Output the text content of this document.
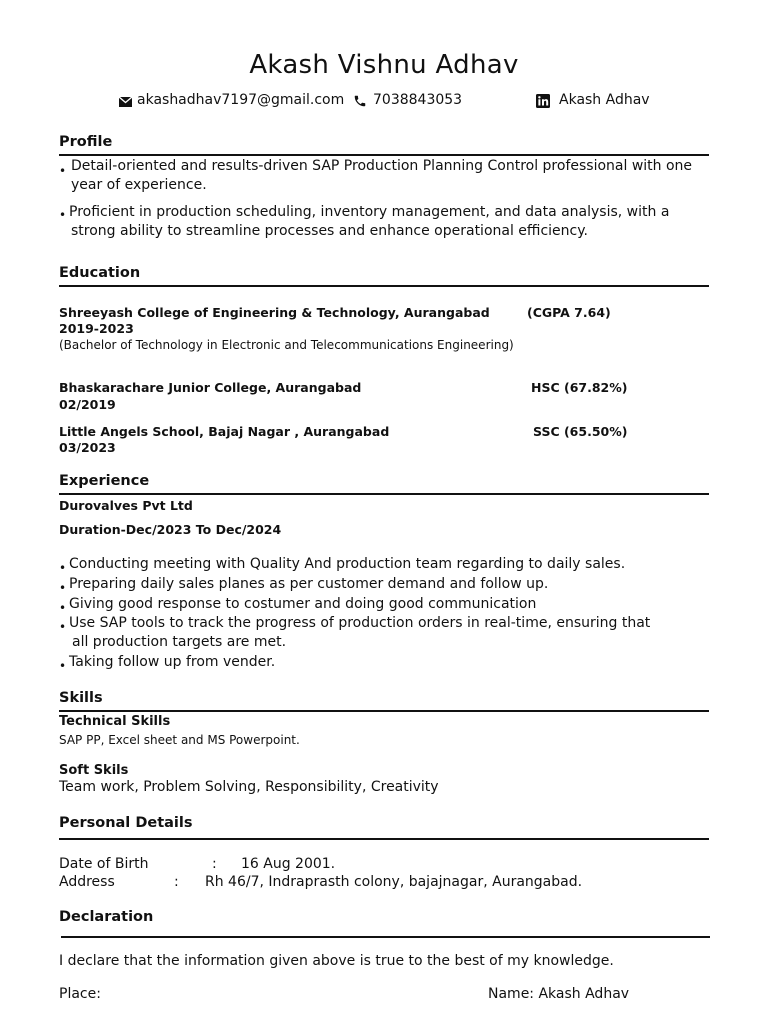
Akash Vishnu Adhav
akashadhav7197@gmail.com 7038843053	Akash Adhav
Profile
• Detail-oriented and results-driven SAP Production Planning Control professional with one
year of experience.
• Proficient in production scheduling, inventory management, and data analysis, with a
strong ability to streamline processes and enhance operational efficiency.
Education
Shreeyash College of Engineering & Technology, Aurangabad	(CGPA 7.64)
2019-2023
(Bachelor of Technology in Electronic and Telecommunications Engineering)
Bhaskarachare Junior College, Aurangabad	HSC (67.82%)
02/2019
Little Angels School, Bajaj Nagar , Aurangabad	SSC (65.50%)
03/2023
Experience
Durovalves Pvt Ltd
Duration-Dec/2023 To Dec/2024
• Conducting meeting with Quality And production team regarding to daily sales.
• Preparing daily sales planes as per customer demand and follow up.
• Giving good response to costumer and doing good communication
• Use SAP tools to track the progress of production orders in real-time, ensuring that
all production targets are met.
• Taking follow up from vender.
Skills
Technical Skills
SAP PP, Excel sheet and MS Powerpoint.
Soft Skils
Team work, Problem Solving, Responsibility, Creativity
Personal Details
Date of Birth	: 16 Aug 2001.
Address	: Rh 46/7, Indraprasth colony, bajajnagar, Aurangabad.
Declaration
I declare that the information given above is true to the best of my knowledge.
Place:	Name: Akash Adhav
